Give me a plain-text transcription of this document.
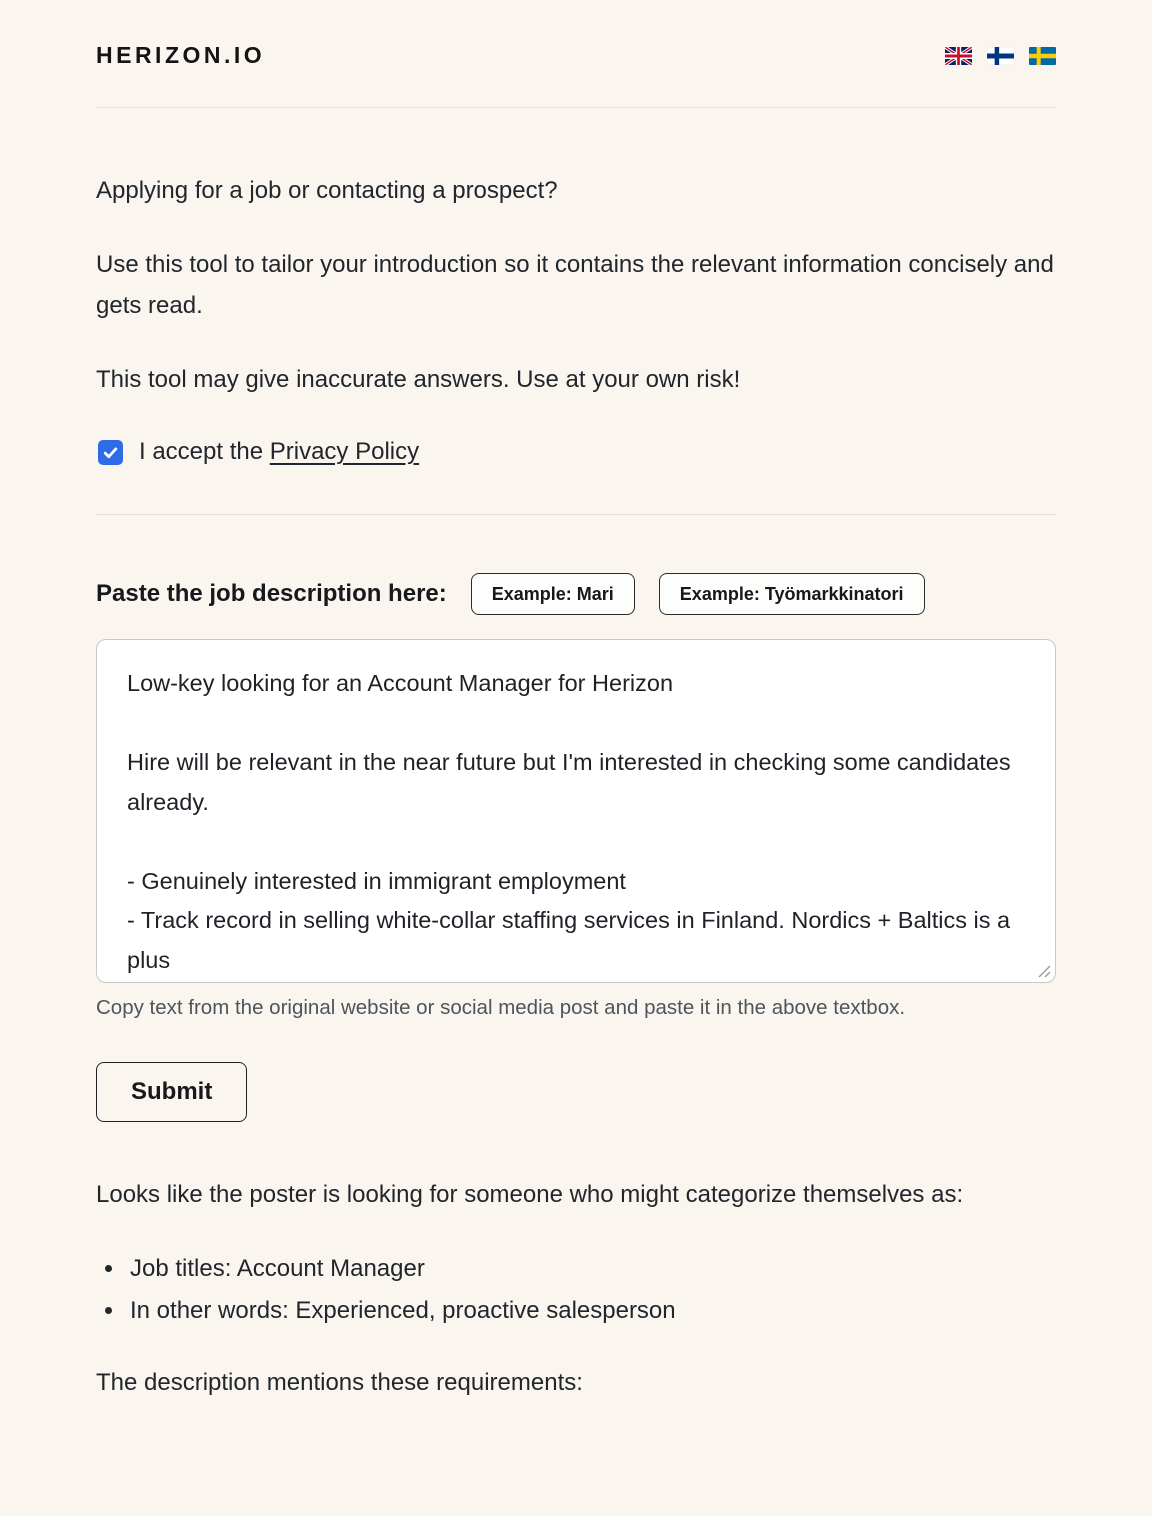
HERIZON.IO

Applying for a job or contacting a prospect?

Use this tool to tailor your introduction so it contains the relevant information concisely and gets read.

This tool may give inaccurate answers. Use at your own risk!

I accept the Privacy Policy
Paste the job description here:	Example: Mari	Example: Työmarkkinatori
Low-key looking for an Account Manager for Herizon Hire will be relevant in the near future but I'm interested in checking some candidates already. - Genuinely interested in immigrant employment - Track record in selling white-collar staffing services in Finland. Nordics + Baltics is a plus - Should be able to sell around the same (6000K in 6 months)

Copy text from the original website or social media post and paste it in the above textbox.

Submit

Looks like the poster is looking for someone who might categorize themselves as:

• Job titles: Account Manager
• In other words: Experienced, proactive salesperson

The description mentions these requirements:
